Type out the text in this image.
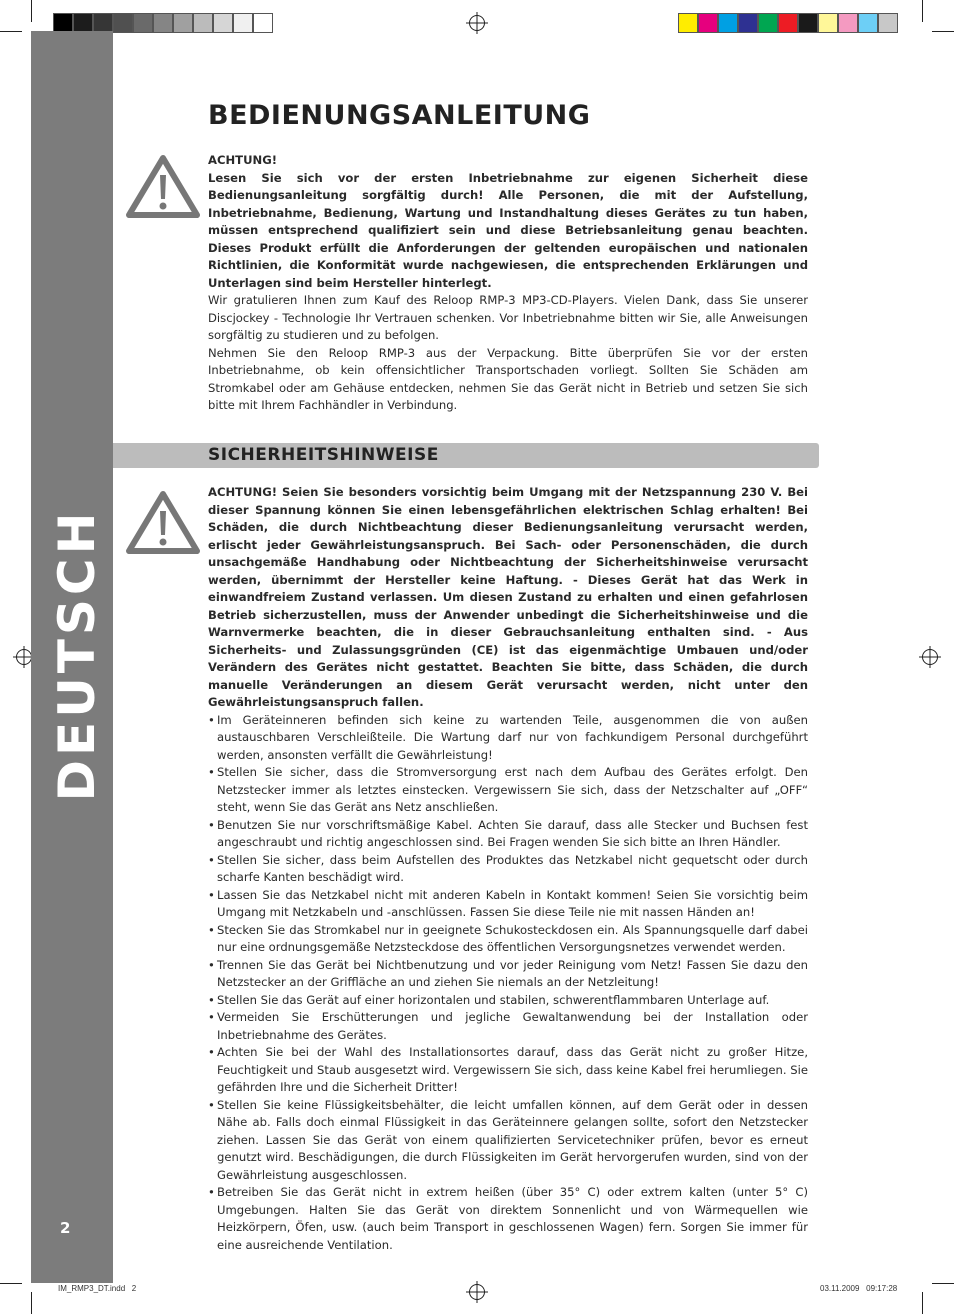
DEUTSCH
2
BEDIENUNGSANLEITUNG

ACHTUNG!

Lesen Sie sich vor der ersten Inbetriebnahme zur eigenen Sicherheit diese Bedienungsanleitung sorgfältig durch! Alle Personen, die mit der Aufstellung, Inbetriebnahme, Bedienung, Wartung und Instandhaltung dieses Gerätes zu tun haben, müssen entsprechend qualifiziert sein und diese Betriebsanleitung genau beachten. Dieses Produkt erfüllt die Anforderungen der geltenden europäischen und nationalen Richtlinien, die Konformität wurde nachgewiesen, die entsprechenden Erklärungen und Unterlagen sind beim Hersteller hinterlegt.

Wir gratulieren Ihnen zum Kauf des Reloop RMP-3 MP3-CD-Players. Vielen Dank, dass Sie unserer Discjockey - Technologie Ihr Vertrauen schenken. Vor Inbetriebnahme bitten wir Sie, alle Anweisungen sorgfältig zu studieren und zu befolgen.

Nehmen Sie den Reloop RMP-3 aus der Verpackung. Bitte überprüfen Sie vor der ersten Inbetriebnahme, ob kein offensichtlicher Transportschaden vorliegt. Sollten Sie Schäden am Stromkabel oder am Gehäuse entdecken, nehmen Sie das Gerät nicht in Betrieb und setzen Sie sich bitte mit Ihrem Fachhändler in Verbindung.

SICHERHEITSHINWEISE

ACHTUNG! Seien Sie besonders vorsichtig beim Umgang mit der Netzspannung 230 V. Bei dieser Spannung können Sie einen lebensgefährlichen elektrischen Schlag erhalten! Bei Schäden, die durch Nichtbeachtung dieser Bedienungsanleitung verursacht werden, erlischt jeder Gewährleistungsanspruch. Bei Sach- oder Personenschäden, die durch unsachgemäße Handhabung oder Nichtbeachtung der Sicherheitshinweise verursacht werden, übernimmt der Hersteller keine Haftung. - Dieses Gerät hat das Werk in einwandfreiem Zustand verlassen. Um diesen Zustand zu erhalten und einen gefahrlosen Betrieb sicherzustellen, muss der Anwender unbedingt die Sicherheitshinweise und die Warnvermerke beachten, die in dieser Gebrauchsanleitung enthalten sind. - Aus Sicherheits- und Zulassungsgründen (CE) ist das eigenmächtige Umbauen und/oder Verändern des Gerätes nicht gestattet. Beachten Sie bitte, dass Schäden, die durch manuelle Veränderungen an diesem Gerät verursacht werden, nicht unter den Gewährleistungsanspruch fallen.

• Im Geräteinneren befinden sich keine zu wartenden Teile, ausgenommen die von außen austauschbaren Verschleißteile. Die Wartung darf nur von fachkundigem Personal durchgeführt werden, ansonsten verfällt die Gewährleistung!
• Stellen Sie sicher, dass die Stromversorgung erst nach dem Aufbau des Gerätes erfolgt. Den Netzstecker immer als letztes einstecken. Vergewissern Sie sich, dass der Netzschalter auf „OFF“ steht, wenn Sie das Gerät ans Netz anschließen.
• Benutzen Sie nur vorschriftsmäßige Kabel. Achten Sie darauf, dass alle Stecker und Buchsen fest angeschraubt und richtig angeschlossen sind. Bei Fragen wenden Sie sich bitte an Ihren Händler.
• Stellen Sie sicher, dass beim Aufstellen des Produktes das Netzkabel nicht gequetscht oder durch scharfe Kanten beschädigt wird.
• Lassen Sie das Netzkabel nicht mit anderen Kabeln in Kontakt kommen! Seien Sie vorsichtig beim Umgang mit Netzkabeln und -anschlüssen. Fassen Sie diese Teile nie mit nassen Händen an!
• Stecken Sie das Stromkabel nur in geeignete Schukosteckdosen ein. Als Spannungsquelle darf dabei nur eine ordnungsgemäße Netzsteckdose des öffentlichen Versorgungsnetzes verwendet werden.
• Trennen Sie das Gerät bei Nichtbenutzung und vor jeder Reinigung vom Netz! Fassen Sie dazu den Netzstecker an der Griffläche an und ziehen Sie niemals an der Netzleitung!
• Stellen Sie das Gerät auf einer horizontalen und stabilen, schwerentflammbaren Unterlage auf.
• Vermeiden Sie Erschütterungen und jegliche Gewaltanwendung bei der Installation oder Inbetriebnahme des Gerätes.
• Achten Sie bei der Wahl des Installationsortes darauf, dass das Gerät nicht zu großer Hitze, Feuchtigkeit und Staub ausgesetzt wird. Vergewissern Sie sich, dass keine Kabel frei herumliegen. Sie gefährden Ihre und die Sicherheit Dritter!
• Stellen Sie keine Flüssigkeitsbehälter, die leicht umfallen können, auf dem Gerät oder in dessen Nähe ab. Falls doch einmal Flüssigkeit in das Geräteinnere gelangen sollte, sofort den Netzstecker ziehen. Lassen Sie das Gerät von einem qualifizierten Servicetechniker prüfen, bevor es erneut genutzt wird. Beschädigungen, die durch Flüssigkeiten im Gerät hervorgerufen wurden, sind von der Gewährleistung ausgeschlossen.
• Betreiben Sie das Gerät nicht in extrem heißen (über 35° C) oder extrem kalten (unter 5° C) Umgebungen. Halten Sie das Gerät von direktem Sonnenlicht und von Wärmequellen wie Heizkörpern, Öfen, usw. (auch beim Transport in geschlossenen Wagen) fern. Sorgen Sie immer für eine ausreichende Ventilation.
IM_RMP3_DT.indd   2	03.11.2009   09:17:28
